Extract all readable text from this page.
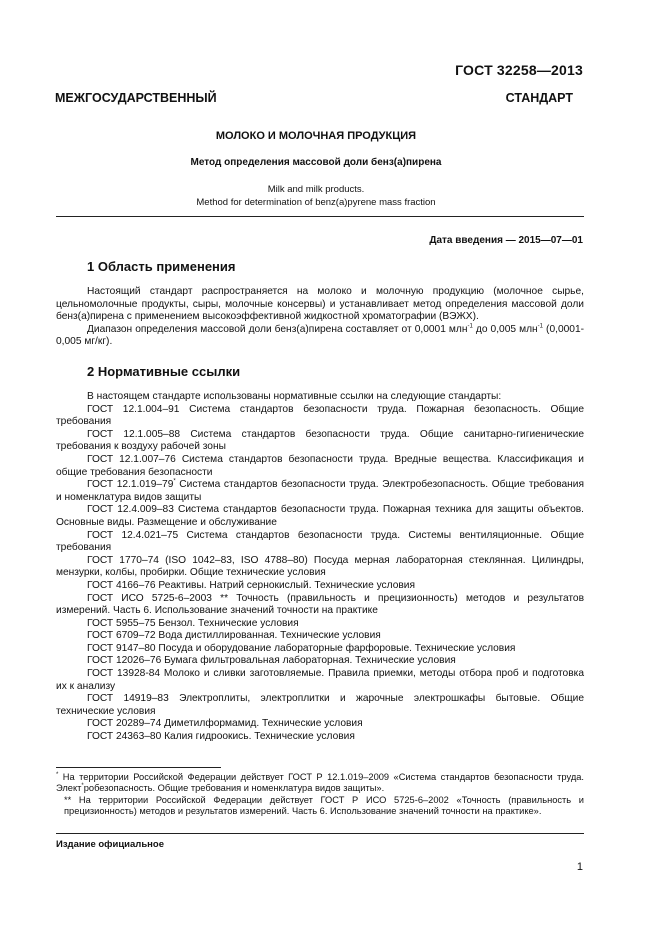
ГОСТ 32258—2013
МЕЖГОСУДАРСТВЕННЫЙ СТАНДАРТ
МОЛОКО И МОЛОЧНАЯ ПРОДУКЦИЯ
Метод определения массовой доли бенз(а)пирена
Milk and milk products.
Method for determination of benz(a)pyrene mass fraction
Дата введения — 2015—07—01
1 Область применения

Настоящий стандарт распространяется на молоко и молочную продукцию (молочное сырье, цельномолочные продукты, сыры, молочные консервы) и устанавливает метод определения массовой доли бенз(а)пирена с применением высокоэффективной жидкостной хроматографии (ВЭЖХ).

Диапазон определения массовой доли бенз(а)пирена составляет от 0,0001 млн$^{-1}$ до 0,005 млн$^{-1}$ (0,0001-0,005 мг/кг).

2 Нормативные ссылки

В настоящем стандарте использованы нормативные ссылки на следующие стандарты:

ГОСТ 12.1.004–91 Система стандартов безопасности труда. Пожарная безопасность. Общие требования

ГОСТ 12.1.005–88 Система стандартов безопасности труда. Общие санитарно-гигиенические требования к воздуху рабочей зоны

ГОСТ 12.1.007–76 Система стандартов безопасности труда. Вредные вещества. Классификация и общие требования безопасности

ГОСТ 12.1.019–79* Система стандартов безопасности труда. Электробезопасность. Общие требования и номенклатура видов защиты

ГОСТ 12.4.009–83 Система стандартов безопасности труда. Пожарная техника для защиты объектов. Основные виды. Размещение и обслуживание

ГОСТ 12.4.021–75 Система стандартов безопасности труда. Системы вентиляционные. Общие требования

ГОСТ 1770–74 (ISO 1042–83, ISO 4788–80) Посуда мерная лабораторная стеклянная. Цилиндры, мензурки, колбы, пробирки. Общие технические условия

ГОСТ 4166–76 Реактивы. Натрий сернокислый. Технические условия

ГОСТ ИСО 5725-6–2003 ** Точность (правильность и прецизионность) методов и результатов измерений. Часть 6. Использование значений точности на практике

ГОСТ 5955–75 Бензол. Технические условия

ГОСТ 6709–72 Вода дистиллированная. Технические условия

ГОСТ 9147–80 Посуда и оборудование лабораторные фарфоровые. Технические условия

ГОСТ 12026–76 Бумага фильтровальная лабораторная. Технические условия

ГОСТ 13928-84 Молоко и сливки заготовляемые. Правила приемки, методы отбора проб и подготовка их к анализу

ГОСТ 14919–83 Электроплиты, электроплитки и жарочные электрошкафы бытовые. Общие технические условия

ГОСТ 20289–74 Диметилформамид. Технические условия

ГОСТ 24363–80 Калия гидроокись. Технические условия

* На территории Российской Федерации действует ГОСТ Р 12.1.019–2009 «Система стандартов безопасности труда. Элект*робезопасность. Общие требования и номенклатура видов защиты».

** На территории Российской Федерации действует ГОСТ Р ИСО 5725-6–2002 «Точность (правильность и прецизионность) методов и результатов измерений. Часть 6. Использование значений точности на практике».

Издание официальное
1
